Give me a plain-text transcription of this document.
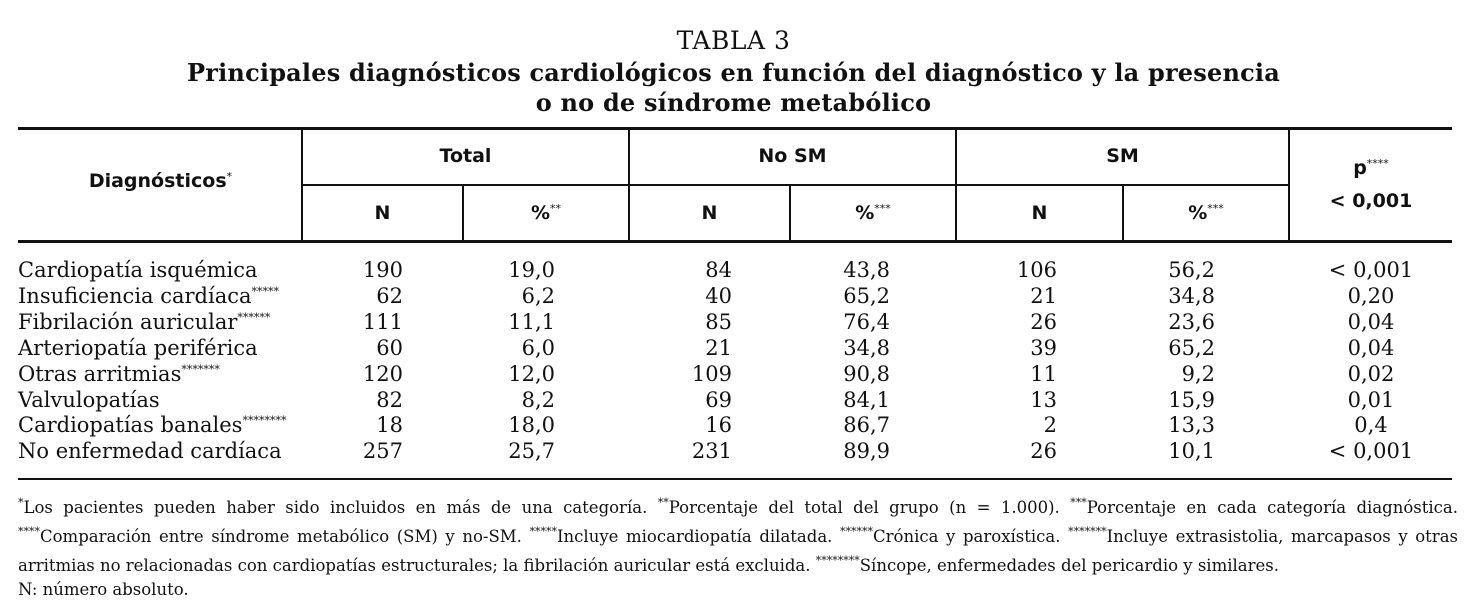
TABLA 3
Principales diagnósticos cardiológicos en función del diagnóstico y la presencia
o no de síndrome metabólico
Diagnósticos*
Total	No SM	SM
p****
< 0,001
N	%**	N	%***	N	%***
Cardiopatía isquémica	190	19,0	84	43,8	106	56,2	< 0,001
Insuficiencia cardíaca*****	62	6,2	40	65,2	21	34,8	0,20
Fibrilación auricular******	111	11,1	85	76,4	26	23,6	0,04
Arteriopatía periférica	60	6,0	21	34,8	39	65,2	0,04
Otras arritmias*******	120	12,0	109	90,8	11	9,2	0,02
Valvulopatías	82	8,2	69	84,1	13	15,9	0,01
Cardiopatías banales********	18	18,0	16	86,7	2	13,3	0,4
No enfermedad cardíaca	257	25,7	231	89,9	26	10,1	< 0,001

*Los pacientes pueden haber sido incluidos en más de una categoría. **Porcentaje del total del grupo (n = 1.000). ***Porcentaje en cada categoría diagnóstica. ****Comparación entre síndrome metabólico (SM) y no-SM. *****Incluye miocardiopatía dilatada. ******Crónica y paroxística. *******Incluye extrasistolia, marcapasos y otras arritmias no relacionadas con cardiopatías estructurales; la fibrilación auricular está excluida. ********Síncope, enfermedades del pericardio y similares.

N: número absoluto.
